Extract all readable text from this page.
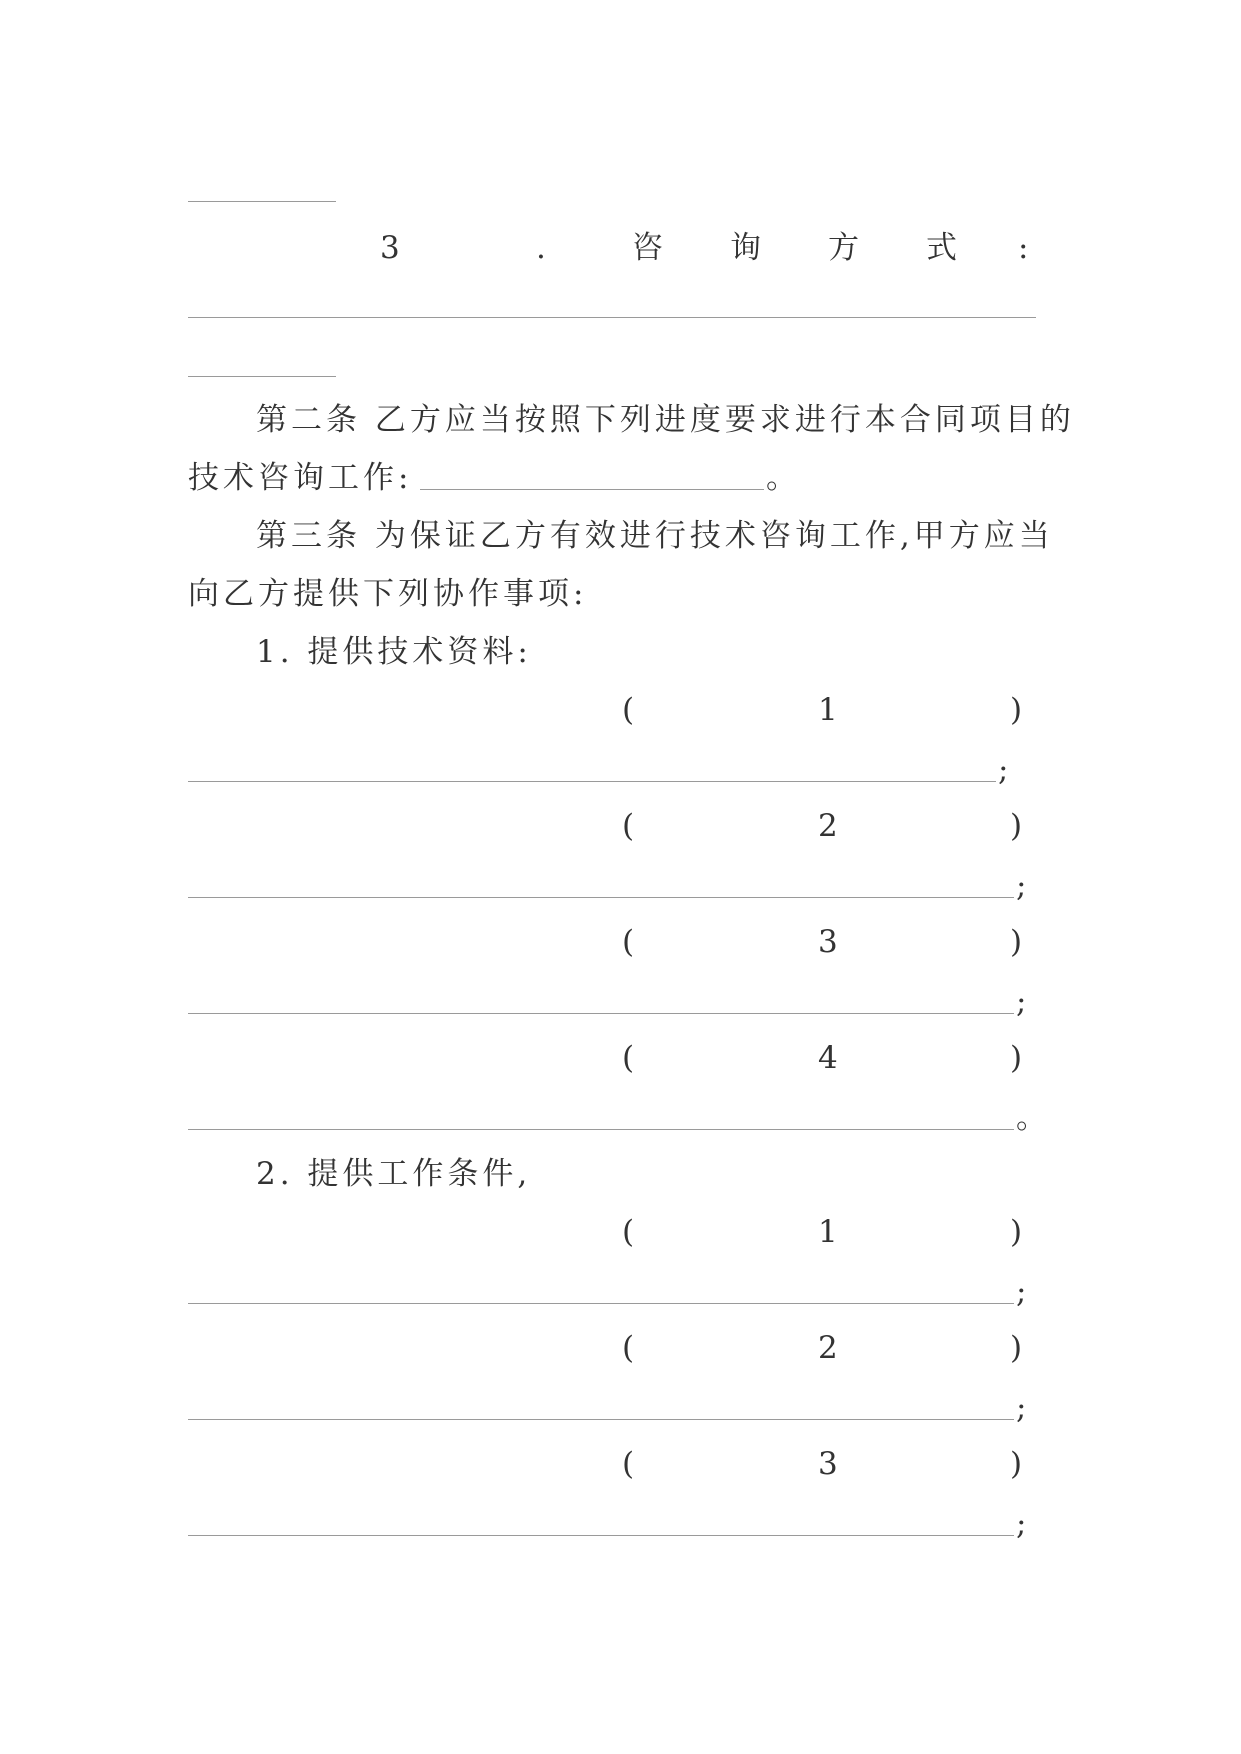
3	.	咨 询 方 式 :
第二条 乙方应当按照下列进度要求进行本合同项目的
技术咨询工作:	。
第三条 为保证乙方有效进行技术咨询工作,甲方应当
向乙方提供下列协作事项:
1. 提供技术资料:
(	1	)
;
(	2	)
;
(	3	)
;
(	4	)
。
2. 提供工作条件,
(	1	)
;
(	2	)
;
(	3	)
;
